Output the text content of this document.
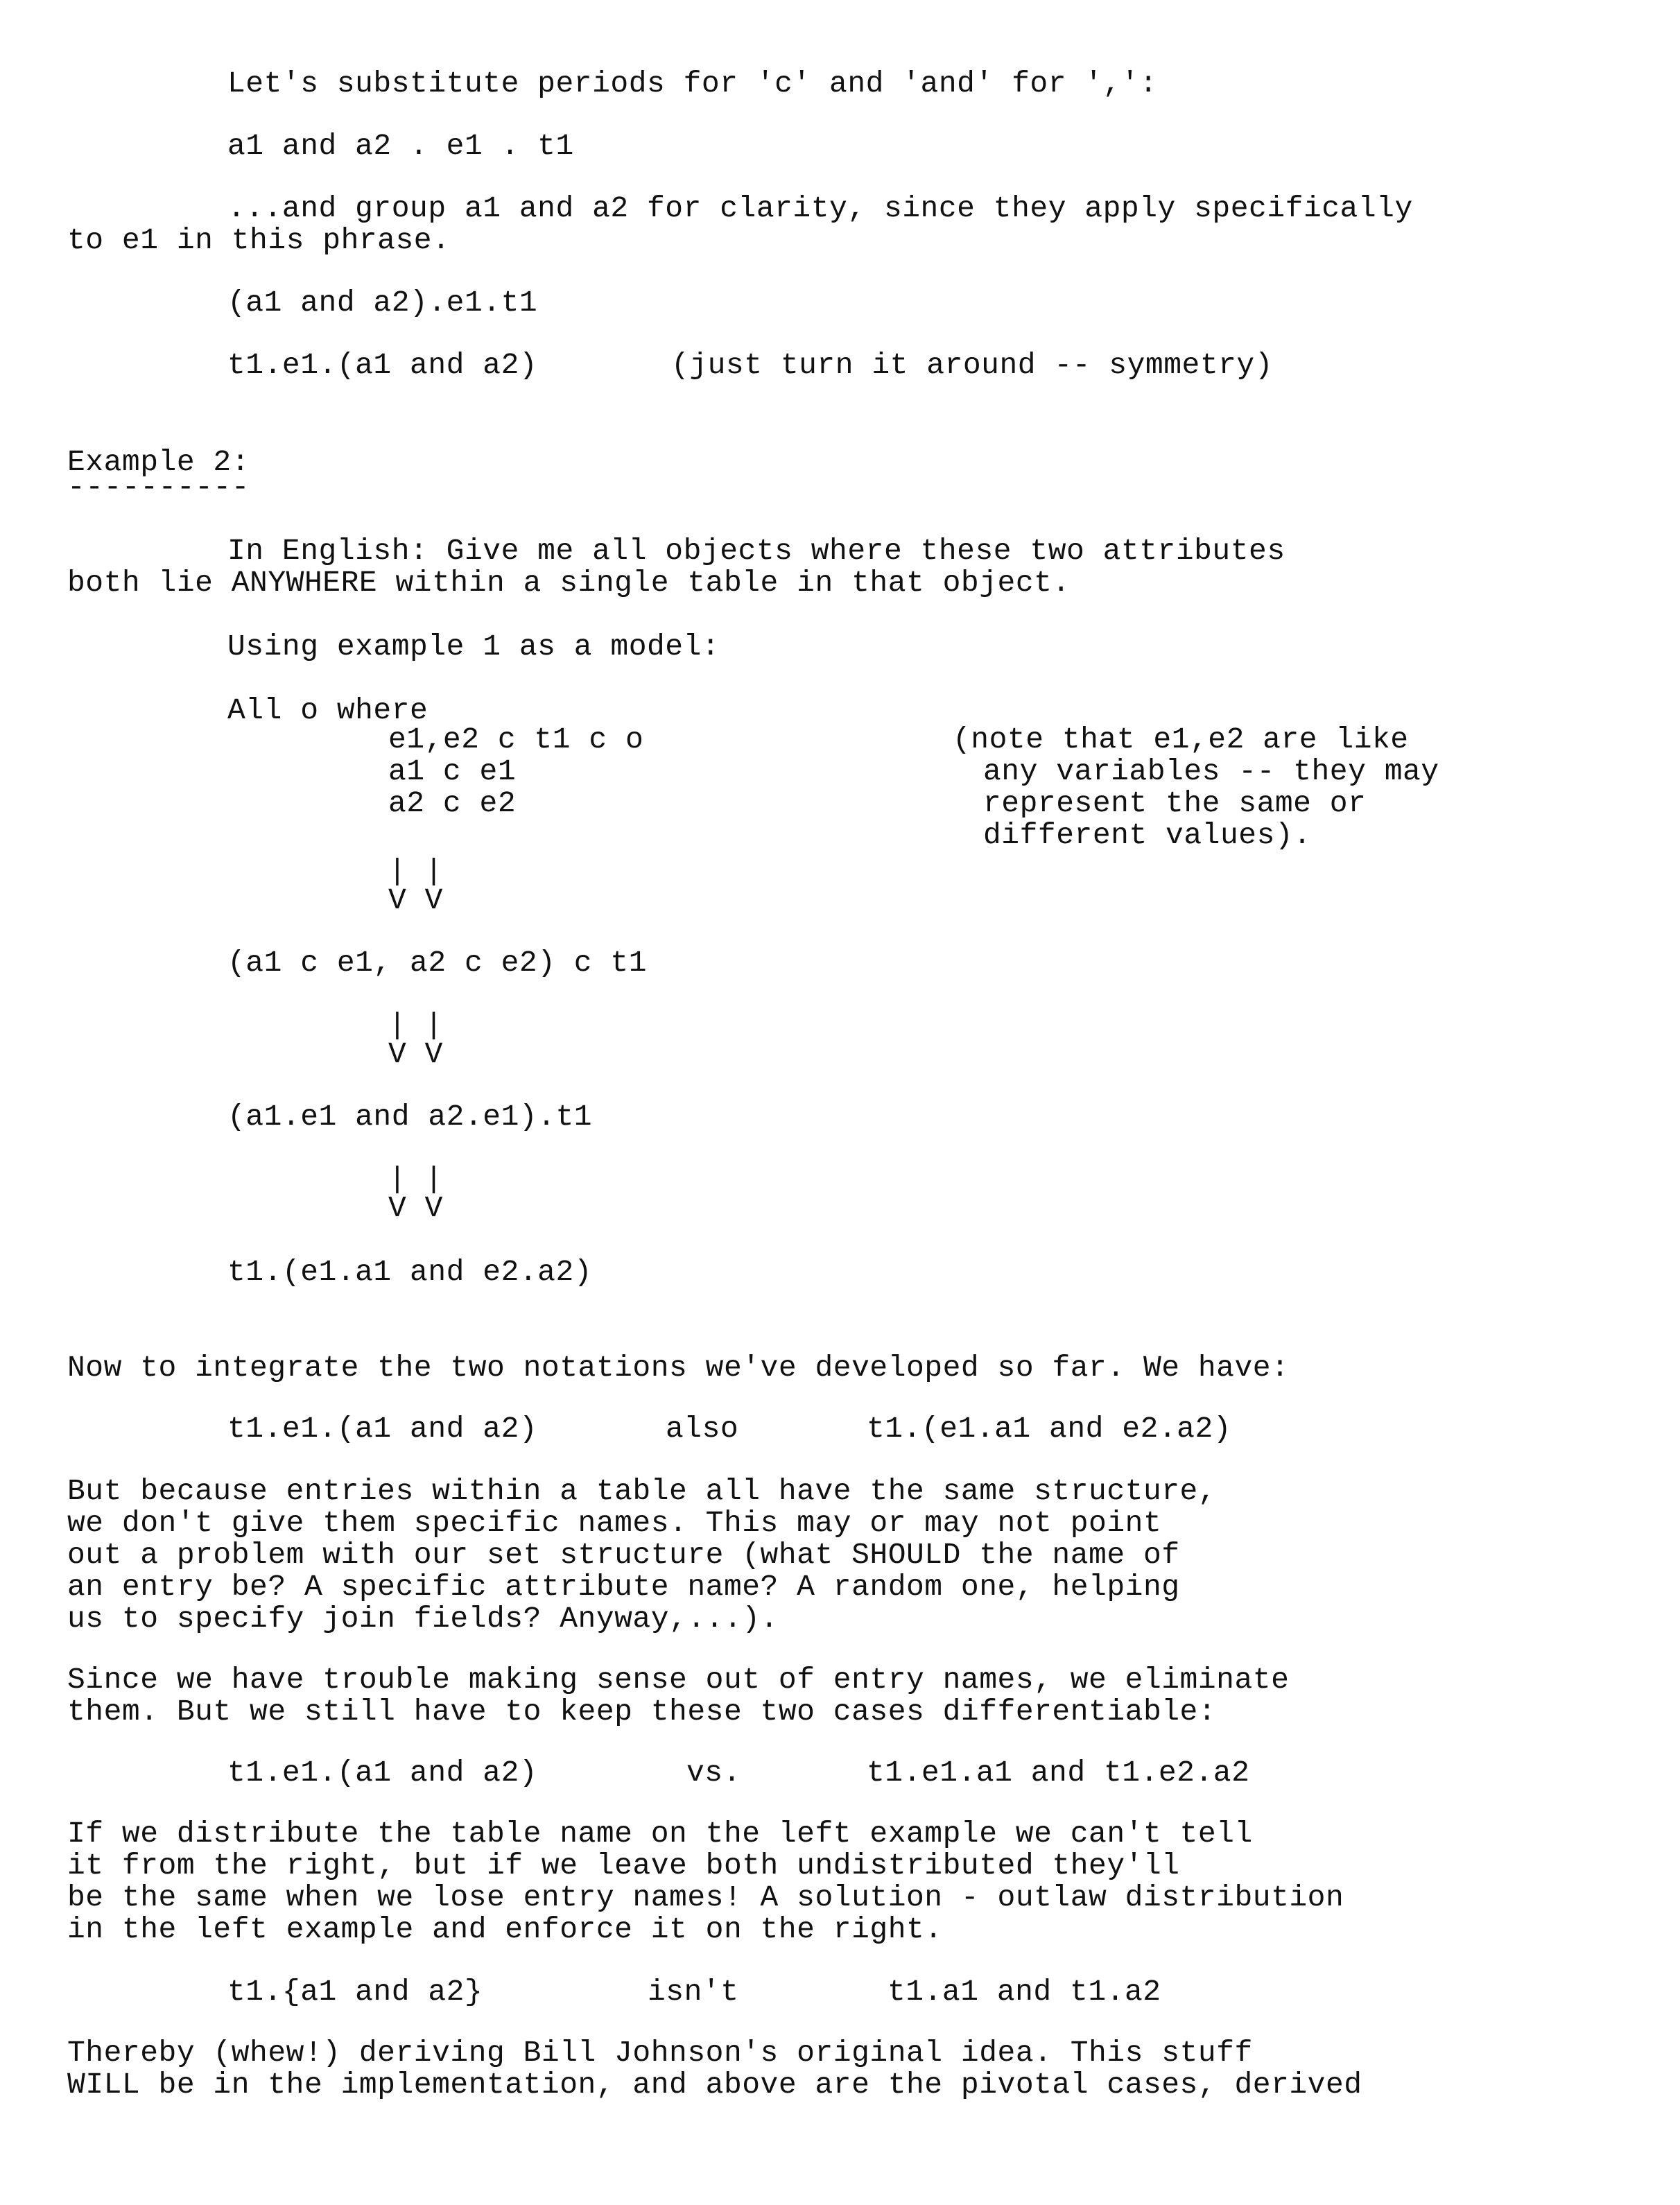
Let's substitute periods for 'c' and 'and' for ',':

a1 and a2 . e1 . t1

...and group a1 and a2 for clarity, since they apply specifically

to e1 in this phrase.

(a1 and a2).e1.t1

t1.e1.(a1 and a2)	(just turn it around -- symmetry)

Example 2:

----------

In English: Give me all objects where these two attributes

both lie ANYWHERE within a single table in that object.

Using example 1 as a model:

All o where

e1,e2 c t1 c o

a1 c e1

a2 c e2

(note that e1,e2 are like

any variables -- they may

represent the same or

different values).

| |

V V

(a1 c e1, a2 c e2) c t1

| |

V V

(a1.e1 and a2.e1).t1

| |

V V

t1.(e1.a1 and e2.a2)

Now to integrate the two notations we've developed so far. We have:

t1.e1.(a1 and a2)	also	t1.(e1.a1 and e2.a2)

But because entries within a table all have the same structure,

we don't give them specific names. This may or may not point

out a problem with our set structure (what SHOULD the name of

an entry be? A specific attribute name? A random one, helping

us to specify join fields? Anyway,...).

Since we have trouble making sense out of entry names, we eliminate

them. But we still have to keep these two cases differentiable:

t1.e1.(a1 and a2)	vs.	t1.e1.a1 and t1.e2.a2

If we distribute the table name on the left example we can't tell

it from the right, but if we leave both undistributed they'll

be the same when we lose entry names! A solution - outlaw distribution

in the left example and enforce it on the right.

t1.{a1 and a2}	isn't	t1.a1 and t1.a2

Thereby (whew!) deriving Bill Johnson's original idea. This stuff

WILL be in the implementation, and above are the pivotal cases, derived
